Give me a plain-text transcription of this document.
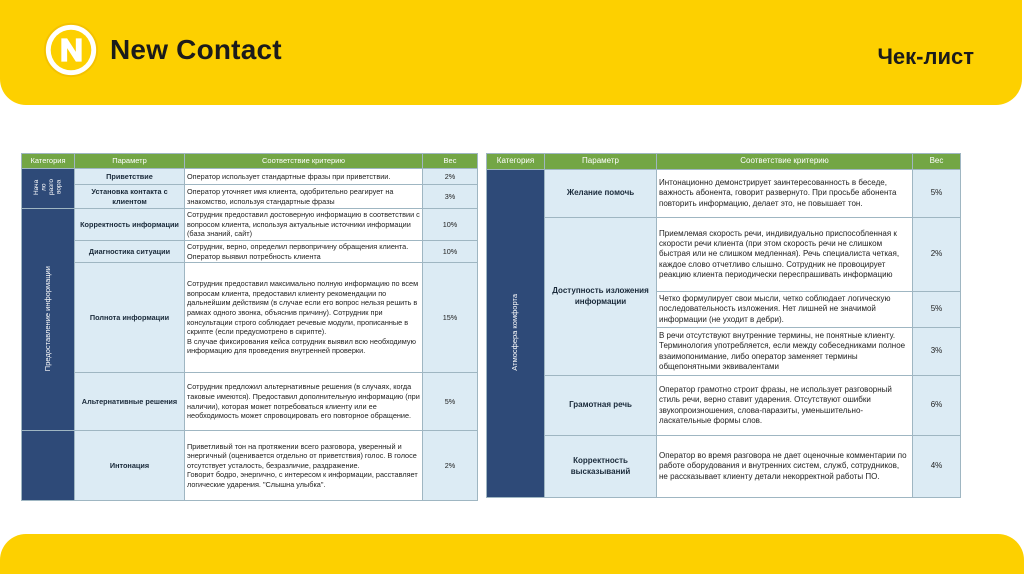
New Contact	Чек-лист
Категория	Параметр	Соответствие критерию	Вес
Нача
ло
разго
вора	Приветствие	Оператор использует стандартные фразы при приветствии.	2%
	Установка контакта с клиентом	Оператор уточняет имя клиента, одобрительно реагирует на знакомство, используя стандартные фразы	3%
Предоставление информации	Корректность информации	Сотрудник предоставил достоверную информацию в соответствии с вопросом клиента, используя актуальные источники информации (база знаний, сайт)	10%
	Диагностика ситуации	Сотрудник, верно, определил первопричину обращения клиента. Оператор выявил потребность клиента	10%
	Полнота информации	Сотрудник предоставил максимально полную информацию по всем вопросам клиента, предоставил клиенту рекомендации по дальнейшим действиям (в случае если его вопрос нельзя решить в рамках одного звонка, объяснив причину). Сотрудник при консультации строго соблюдает речевые модули, прописанные в скрипте (если предусмотрено в скрипте).
В случае фиксирования кейса сотрудник выявил всю необходимую информацию для проведения внутренней проверки.	15%
	Альтернативные решения	Сотрудник предложил альтернативные решения (в случаях, когда таковые имеются). Предоставил дополнительную информацию (при наличии), которая может потребоваться клиенту или ее необходимость может спровоцировать его повторное обращение.	5%
	Интонация	Приветливый тон на протяжении всего разговора, уверенный и энергичный (оценивается отдельно от приветствия) голос. В голосе отсутствует усталость, безразличие, раздражение.
Говорит бодро, энергично, с интересом к информации, расставляет логические ударения. "Слышна улыбка".	2%
Категория	Параметр	Соответствие критерию	Вес
Атмосфера комфорта	Желание помочь	Интонационно демонстрирует заинтересованность в беседе, важность абонента, говорит развернуто. При просьбе абонента повторить информацию, делает это, не повышает тон.	5%
	Доступность изложения информации	Приемлемая скорость речи, индивидуально приспособленная к скорости речи клиента (при этом скорость речи не слишком быстрая или не слишком медленная). Речь специалиста четкая, каждое слово отчетливо слышно. Сотрудник не провоцирует реакцию клиента периодически переспрашивать информацию	2%
		Четко формулирует свои мысли, четко соблюдает логическую последовательность изложения. Нет лишней не значимой информации (не уходит в дебри).	5%
		В речи отсутствуют внутренние термины, не понятные клиенту. Терминология употребляется, если между собеседниками полное взаимопонимание, либо оператор заменяет термины общепонятными эквивалентами	3%
	Грамотная речь	Оператор грамотно строит фразы, не использует разговорный стиль речи, верно ставит ударения. Отсутствуют ошибки звукопроизношения, слова-паразиты, уменьшительно-ласкательные формы слов.	6%
	Корректность высказываний	Оператор во время разговора не дает оценочные комментарии по работе оборудования и внутренних систем, служб, сотрудников, не рассказывает клиенту детали некорректной работы ПО.	4%
